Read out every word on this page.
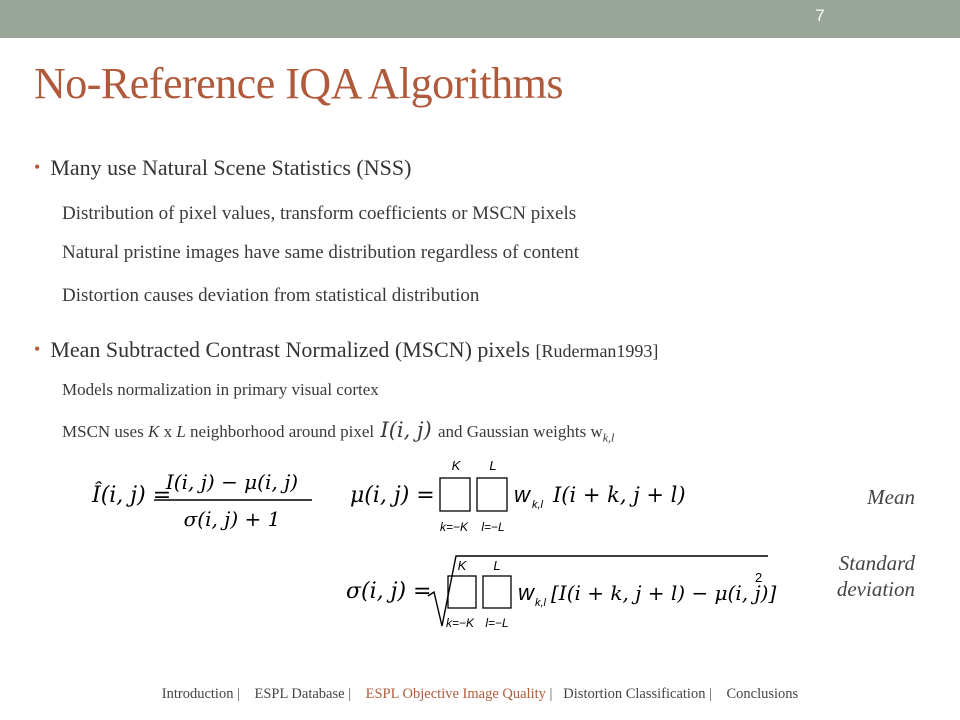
7
No-Reference IQA Algorithms
• Many use Natural Scene Statistics (NSS)
Distribution of pixel values, transform coefficients or MSCN pixels
Natural pristine images have same distribution regardless of content
Distortion causes deviation from statistical distribution
• Mean Subtracted Contrast Normalized (MSCN) pixels [Ruderman1993]
Models normalization in primary visual cortex
MSCN uses K x L neighborhood around pixel I(i, j) and Gaussian weights $w_{k,l}$
Î(i, j) =
I(i, j) − μ(i, j)
σ(i, j) + 1
μ(i, j) =
K L
k=−K l=−L
w k,l I(i + k, j + l)	Mean
σ(i, j) =
K L
k=−K l=−L
w k,l [I(i + k, j + l) − μ(i, j)]
2
Standard
deviation
Introduction | ESPL Database | ESPL Objective Image Quality | Distortion Classification | Conclusions
